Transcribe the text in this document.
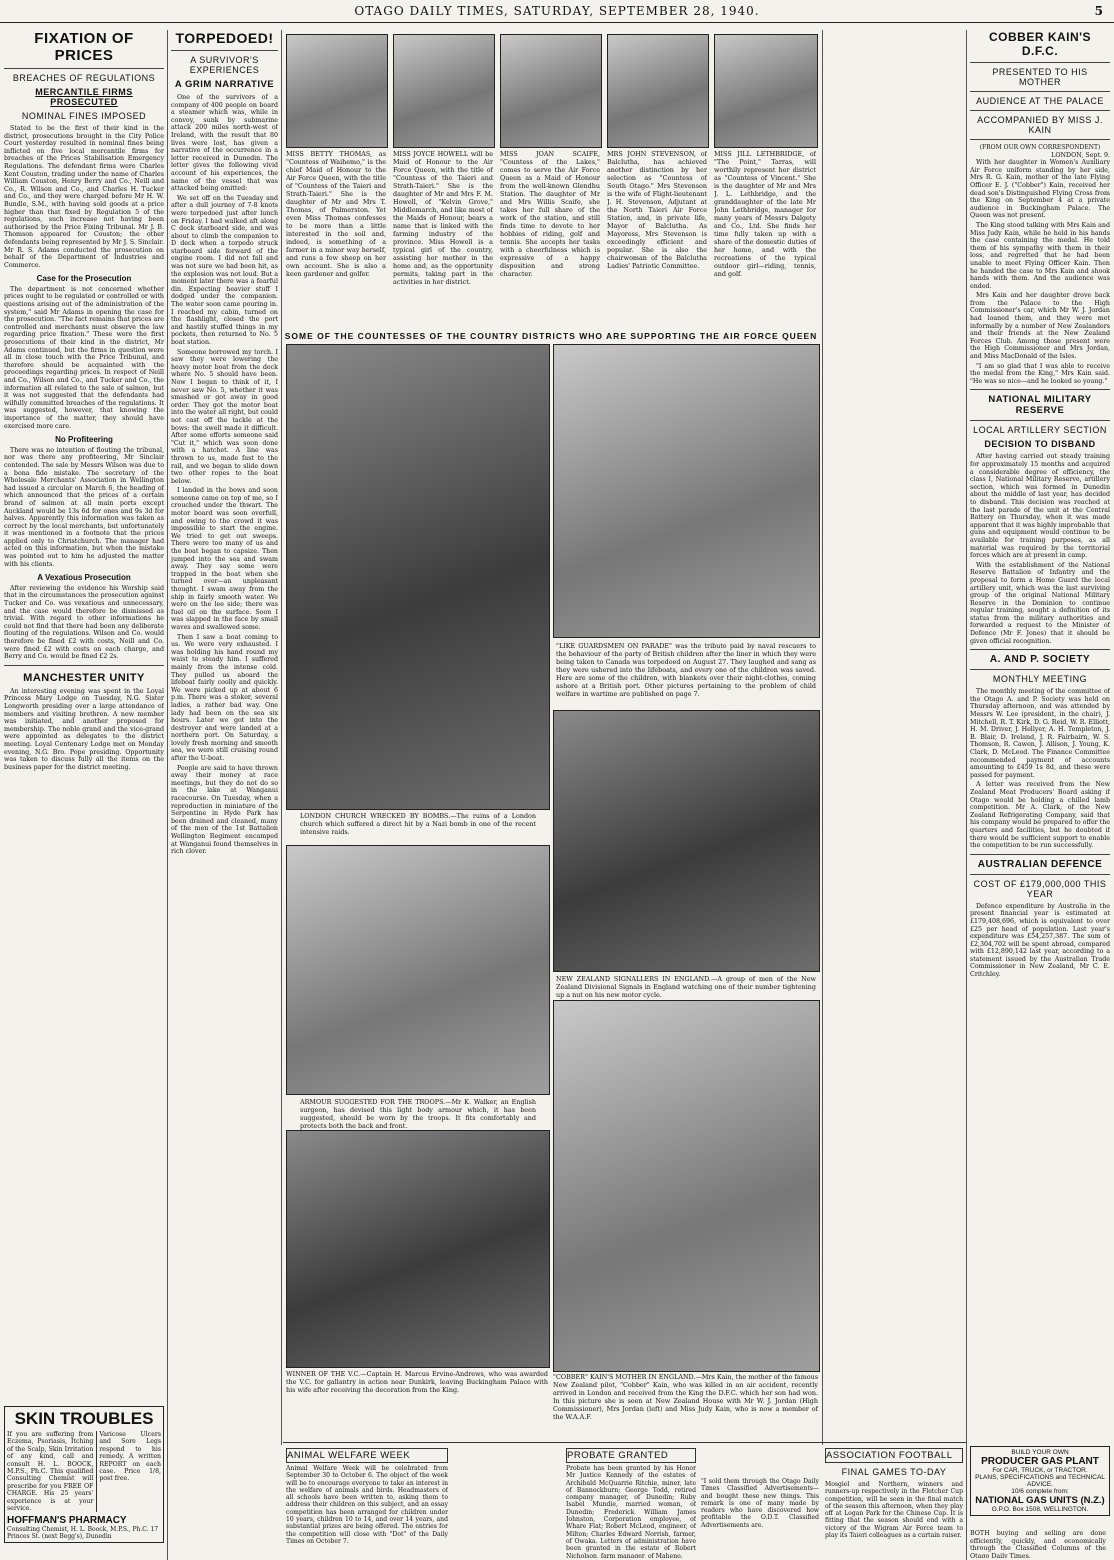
OTAGO DAILY TIMES, SATURDAY, SEPTEMBER 28, 1940.	5
FIXATION OF PRICES
BREACHES OF REGULATIONS
MERCANTILE FIRMS PROSECUTED
NOMINAL FINES IMPOSED

Stated to be the first of their kind in the district, prosecutions brought in the City Police Court yesterday resulted in nominal fines being inflicted on five local mercantile firms for breaches of the Prices Stabilisation Emergency Regulations. The defendant firms were Charles Kent Couston, trading under the name of Charles William Couston, Henry Berry and Co., Neill and Co., R. Wilson and Co., and Charles H. Tucker and Co., and they were charged before Mr H. W. Bundle, S.M., with having sold goods at a price higher than that fixed by Regulation 5 of the regulations, such increase not having been authorised by the Price Fixing Tribunal. Mr J. B. Thomson appeared for Couston; the other defendants being represented by Mr J. S. Sinclair. Mr R. S. Adams conducted the prosecution on behalf of the Department of Industries and Commerce.

Case for the Prosecution

The department is not concerned whether prices ought to be regulated or controlled or with questions arising out of the administration of the system," said Mr Adams in opening the case for the prosecution. "The fact remains that prices are controlled and merchants must observe the law regarding price fixation." These were the first prosecutions of their kind in the district, Mr Adams continued, but the firms in question were all in close touch with the Price Tribunal, and therefore should be acquainted with the proceedings regarding prices. In respect of Neill and Co., Wilson and Co., and Tucker and Co., the information all related to the sale of salmon, but it was not suggested that the defendants had wilfully committed breaches of the regulations. It was suggested, however, that knowing the importance of the matter, they should have exercised more care.

No Profiteering

There was no intention of flouting the tribunal, nor was there any profiteering, Mr Sinclair contended. The sale by Messrs Wilson was due to a bona fide mistake. The secretary of the Wholesale Merchants' Association in Wellington had issued a circular on March 6, the heading of which announced that the prices of a certain brand of salmon at all main ports except Auckland would be 13s 6d for ones and 9s 3d for halves. Apparently this information was taken as correct by the local merchants, but unfortunately it was mentioned in a footnote that the prices applied only to Christchurch. The manager had acted on this information, but when the mistake was pointed out to him he adjusted the matter with his clients.

A Vexatious Prosecution

After reviewing the evidence his Worship said that in the circumstances the prosecution against Tucker and Co. was vexatious and unnecessary, and the case would therefore be dismissed as trivial. With regard to other informations he could not find that there had been any deliberate flouting of the regulations. Wilson and Co. would therefore be fined £2 with costs, Neill and Co. were fined £2 with costs on each charge, and Berry and Co. would be fined £2 2s.

MANCHESTER UNITY

An interesting evening was spent in the Loyal Princess Mary Lodge on Tuesday, N.G. Sister Longworth presiding over a large attendance of members and visiting brethren. A new member was initiated, and another proposed for membership. The noble grand and the vice-grand were appointed as delegates to the district meeting. Loyal Centenary Lodge met on Monday evening, N.G. Bro. Pope presiding. Opportunity was taken to discuss fully all the items on the business paper for the district meeting.

SKIN TROUBLES
If you are suffering from Eczema, Psoriasis, Itching of the Scalp, Skin Irritation of any kind, call and consult H. L. BOOCK, M.P.S., Ph.C. This qualified Consulting Chemist will prescribe for you FREE OF CHARGE. His 25 years' experience is at your service.
Varicose Ulcers and Sore Legs respond to his remedy. A written REPORT on each case. Price 1/8, post free.
HOFFMAN'S PHARMACY
Consulting Chemist, H. L. Boock, M.P.S., Ph.C. 17 Princes St. (next Begg's), Dunedin
TORPEDOED!
A SURVIVOR'S EXPERIENCES
A GRIM NARRATIVE

One of the survivors of a company of 400 people on board a steamer which was, while in convoy, sunk by submarine attack 200 miles north-west of Ireland, with the result that 80 lives were lost, has given a narrative of the occurrence in a letter received in Dunedin. The letter gives the following vivid account of his experiences, the name of the vessel that was attacked being omitted:

We set off on the Tuesday and after a dull journey of 7-8 knots were torpedoed just after lunch on Friday. I had walked aft along C deck starboard side, and was about to climb the companion to D deck when a torpedo struck starboard side forward of the engine room. I did not fall and was not sure we had been hit, as the explosion was not loud. But a moment later there was a fearful din. Expecting heavier stuff I dodged under the companion. The water soon came pouring in. I reached my cabin, turned on the flashlight, closed the port and hastily stuffed things in my pockets, then returned to No. 5 boat station.

Someone borrowed my torch. I saw they were lowering the heavy motor boat from the deck where No. 5 should have been. Now I began to think of it, I never saw No. 5, whether it was smashed or got away in good order. They got the motor boat into the water all right, but could not cast off the tackle at the bows: the swell made it difficult. After some efforts someone said "Cut it," which was soon done with a hatchet. A line was thrown to us, made fast to the rail, and we began to slide down two other ropes to the boat below.

I landed in the bows and soon someone came on top of me, so I crouched under the thwart. The motor board was soon overfull, and owing to the crowd it was impossible to start the engine. We tried to get out sweeps. There were too many of us and the boat began to capsize. Then jumped into the sea and swam away. They say some were trapped in the boat when she turned over—an unpleasant thought. I swam away from the ship in fairly smooth water. We were on the lee side; there was fuel oil on the surface. Soon I was slapped in the face by small waves and swallowed some.

Then I saw a boat coming to us. We were very exhausted. I was holding his hand round my waist to steady him. I suffered mainly from the intense cold. They pulled us aboard the lifeboat fairly coolly and quickly. We were picked up at about 6 p.m. There was a stoker, several ladies, a rather bad way. One lady had been on the sea six hours. Later we got into the destroyer and were landed at a northern port. On Saturday, a lovely fresh morning and smooth sea, we were still cruising round after the U-boat.

People are said to have thrown away their money at race meetings, but they do not do so in the lake at Wanganui racecourse. On Tuesday, when a reproduction in miniature of the Serpentine in Hyde Park has been drained and cleaned, many of the men of the 1st Battalion Wellington Regiment encamped at Wanganui found themselves in rich clover.

MISS BETTY THOMAS, as "Countess of Waihemo," is the chief Maid of Honour to the Air Force Queen, with the title of "Countess of the Taieri and Strath-Taieri." She is the daughter of Mr and Mrs T. Thomas, of Palmerston. Yet even Miss Thomas confesses to be more than a little interested in the soil and, indeed, is something of a farmer in a minor way herself, and runs a few sheep on her own account. She is also a keen gardener and golfer.
MISS JOYCE HOWELL will be Maid of Honour to the Air Force Queen, with the title of "Countess of the Taieri and Strath-Taieri." She is the daughter of Mr and Mrs F. M. Howell, of "Kelvin Grove," Middlemarch, and like most of the Maids of Honour, bears a name that is linked with the farming industry of the province. Miss Howell is a typical girl of the country, assisting her mother in the home and, as the opportunity permits, taking part in the activities in her district.
MISS JOAN SCAIFE, "Countess of the Lakes," comes to serve the Air Force Queen as a Maid of Honour from the well-known Glendhu Station. The daughter of Mr and Mrs Willis Scaife, she takes her full share of the work of the station, and still finds time to devote to her hobbies of riding, golf and tennis. She accepts her tasks with a cheerfulness which is expressive of a happy disposition and strong character.
MRS JOHN STEVENSON, of Balclutha, has achieved another distinction by her selection as "Countess of South Otago." Mrs Stevenson is the wife of Flight-lieutenant J. H. Stevenson, Adjutant at the North Taieri Air Force Station, and, in private life, Mayor of Balclutha. As Mayoress, Mrs Stevenson is exceedingly efficient and popular. She is also the chairwoman of the Balclutha Ladies' Patriotic Committee.
MISS JILL LETHBRIDGE, of "The Point," Tarras, will worthily represent her district as "Countess of Vincent." She is the daughter of Mr and Mrs J. L. Lethbridge, and the granddaughter of the late Mr John Lethbridge, manager for many years of Messrs Dalgety and Co., Ltd. She finds her time fully taken up with a share of the domestic duties of her home, and with the recreations of the typical outdoor girl—riding, tennis, and golf.
SOME OF THE COUNTESSES OF THE COUNTRY DISTRICTS WHO ARE SUPPORTING THE AIR FORCE QUEEN
LONDON CHURCH WRECKED BY BOMBS.—The ruins of a London church which suffered a direct hit by a Nazi bomb in one of the recent intensive raids.
"LIKE GUARDSMEN ON PARADE" was the tribute paid by naval rescuers to the behaviour of the party of British children after the liner in which they were being taken to Canada was torpedoed on August 27. They laughed and sang as they were ushered into the lifeboats, and every one of the children was saved. Here are some of the children, with blankets over their night-clothes, coming ashore at a British port. Other pictures pertaining to the problem of child welfare in wartime are published on page 7.
ARMOUR SUGGESTED FOR THE TROOPS.—Mr K. Walker, an English surgeon, has devised this light body armour which, it has been suggested, should be worn by the troops. It fits comfortably and protects both the back and front.
NEW ZEALAND SIGNALLERS IN ENGLAND.—A group of men of the New Zealand Divisional Signals in England watching one of their number tightening up a nut on his new motor cycle.
WINNER OF THE V.C.—Captain H. Marcus Ervine-Andrews, who was awarded the V.C. for gallantry in action near Dunkirk, leaving Buckingham Palace with his wife after receiving the decoration from the King.
"COBBER" KAIN'S MOTHER IN ENGLAND.—Mrs Kain, the mother of the famous New Zealand pilot, "Cobber" Kain, who was killed in an air accident, recently arrived in London and received from the King the D.F.C. which her son had won. In this picture she is seen at New Zealand House with Mr W. J. Jordan (High Commissioner), Mrs Jordan (left) and Miss Judy Kain, who is now a member of the W.A.A.F.
ANIMAL WELFARE WEEK
Animal Welfare Week will be celebrated from September 30 to October 6. The object of the week will be to encourage everyone to take an interest in the welfare of animals and birds. Headmasters of all schools have been written to, asking them to address their children on this subject, and an essay competition has been arranged for children under 10 years, children 10 to 14, and over 14 years, and substantial prizes are being offered. The entries for the competition will close with "Dot" of the Daily Times on October 7.
PROBATE GRANTED
Probate has been granted by his Honor Mr Justice Kennedy of the estates of Archibald McQuarrie Ritchie, miner, late of Bannockburn; George Todd, retired company manager, of Dunedin; Ruby Isabel Mundie, married woman, of Dunedin; Frederick William James Johnston, Corporation employee, of Whare Flat; Robert McLeod, engineer, of Milton; Charles Edward Norrish, farmer, of Owaka. Letters of administration have been granted in the estate of Robert Nicholson, farm manager, of Maheno.
"I sold them through the Otago Daily Times Classified Advertisements—and bought these new things. This remark is one of many made by readers who have discovered how profitable the O.D.T. Classified Advertisements are.
ASSOCIATION FOOTBALL
FINAL GAMES TO-DAY
Mosgiel and Northern, winners and runners-up respectively in the Fletcher Cup competition, will be seen in the final match of the season this afternoon, when they play off at Logan Park for the Chinese Cup. It is fitting that the season should end with a victory of the Wigram Air Force team to play its Taieri colleagues as a curtain raiser.
COBBER KAIN'S D.F.C.
PRESENTED TO HIS MOTHER
AUDIENCE AT THE PALACE
ACCOMPANIED BY MISS J. KAIN
(FROM OUR OWN CORRESPONDENT)
LONDON, Sept. 9.

With her daughter in Women's Auxiliary Air Force uniform standing by her side, Mrs R. G. Kain, mother of the late Flying Officer E. J. ("Cobber") Kain, received her dead son's Distinguished Flying Cross from the King on September 4 at a private audience in Buckingham Palace. The Queen was not present.

The King stood talking with Mrs Kain and Miss Judy Kain, while he held in his hands the case containing the medal. He told them of his sympathy with them in their loss, and regretted that he had been unable to meet Flying Officer Kain. Then he handed the case to Mrs Kain and shook hands with them. And the audience was ended.

Mrs Kain and her daughter drove back from the Palace to the High Commissioner's car, which Mr W. J. Jordan had loaned them, and they were met informally by a number of New Zealanders and their friends at the New Zealand Forces Club. Among those present were the High Commissioner and Mrs Jordan, and Miss MacDonald of the Isles.

"I am so glad that I was able to receive the medal from the King," Mrs Kain said. "He was so nice—and he looked so young."

NATIONAL MILITARY RESERVE
LOCAL ARTILLERY SECTION
DECISION TO DISBAND

After having carried out steady training for approximately 15 months and acquired a considerable degree of efficiency, the class I, National Military Reserve, artillery section, which was formed in Dunedin about the middle of last year, has decided to disband. This decision was reached at the last parade of the unit at the Central Battery on Thursday, when it was made apparent that it was highly improbable that guns and equipment would continue to be available for training purposes, as all material was required by the territorial forces which are at present in camp.

With the establishment of the National Reserve Battalion of Infantry and the proposal to form a Home Guard the local artillery unit, which was the last surviving group of the original National Military Reserve in the Dominion to continue regular training, sought a definition of its status from the military authorities and forwarded a request to the Minister of Defence (Mr F. Jones) that it should be given official recognition.

A. AND P. SOCIETY
MONTHLY MEETING

The monthly meeting of the committee of the Otago A. and P. Society was held on Thursday afternoon, and was attended by Messrs W. Lee (president, in the chair), J. Mitchell, R. T. Kirk, D. G. Reid, W. R. Elliott, H. M. Driver, J. Hellyer, A. H. Templeton, J. B. Blair, D. Ireland, J. R. Fairbairn, W. S. Thomson, R. Cawen, J. Allison, J. Young, K. Clark, D. McLeod. The Finance Committee recommended payment of accounts amounting to £459 1s 8d, and these were passed for payment.

A letter was received from the New Zealand Meat Producers' Board asking if Otago would be holding a chilled lamb competition. Mr A. Clark, of the New Zealand Refrigerating Company, said that his company would be prepared to offer the quarters and facilities, but he doubted if there would be sufficient support to enable the competition to be run successfully.

AUSTRALIAN DEFENCE
COST OF £179,000,000 THIS YEAR

Defence expenditure by Australia in the present financial year is estimated at £179,408,696, which is equivalent to over £25 per head of population. Last year's expenditure was £54,257,387. The sum of £2,304,702 will be spent abroad, compared with £12,890,142 last year, according to a statement issued by the Australian Trade Commissioner in New Zealand, Mr C. E. Critchley.

BUILD YOUR OWN
PRODUCER GAS PLANT
For CAR, TRUCK, or TRACTOR.
PLANS, SPECIFICATIONS and TECHNICAL ADVICE.
10/6 complete from:
NATIONAL GAS UNITS (N.Z.)
G.P.O. Box 1508, WELLINGTON.
BOTH buying and selling are done efficiently, quickly, and economically through the Classified Columns of the Otago Daily Times.
